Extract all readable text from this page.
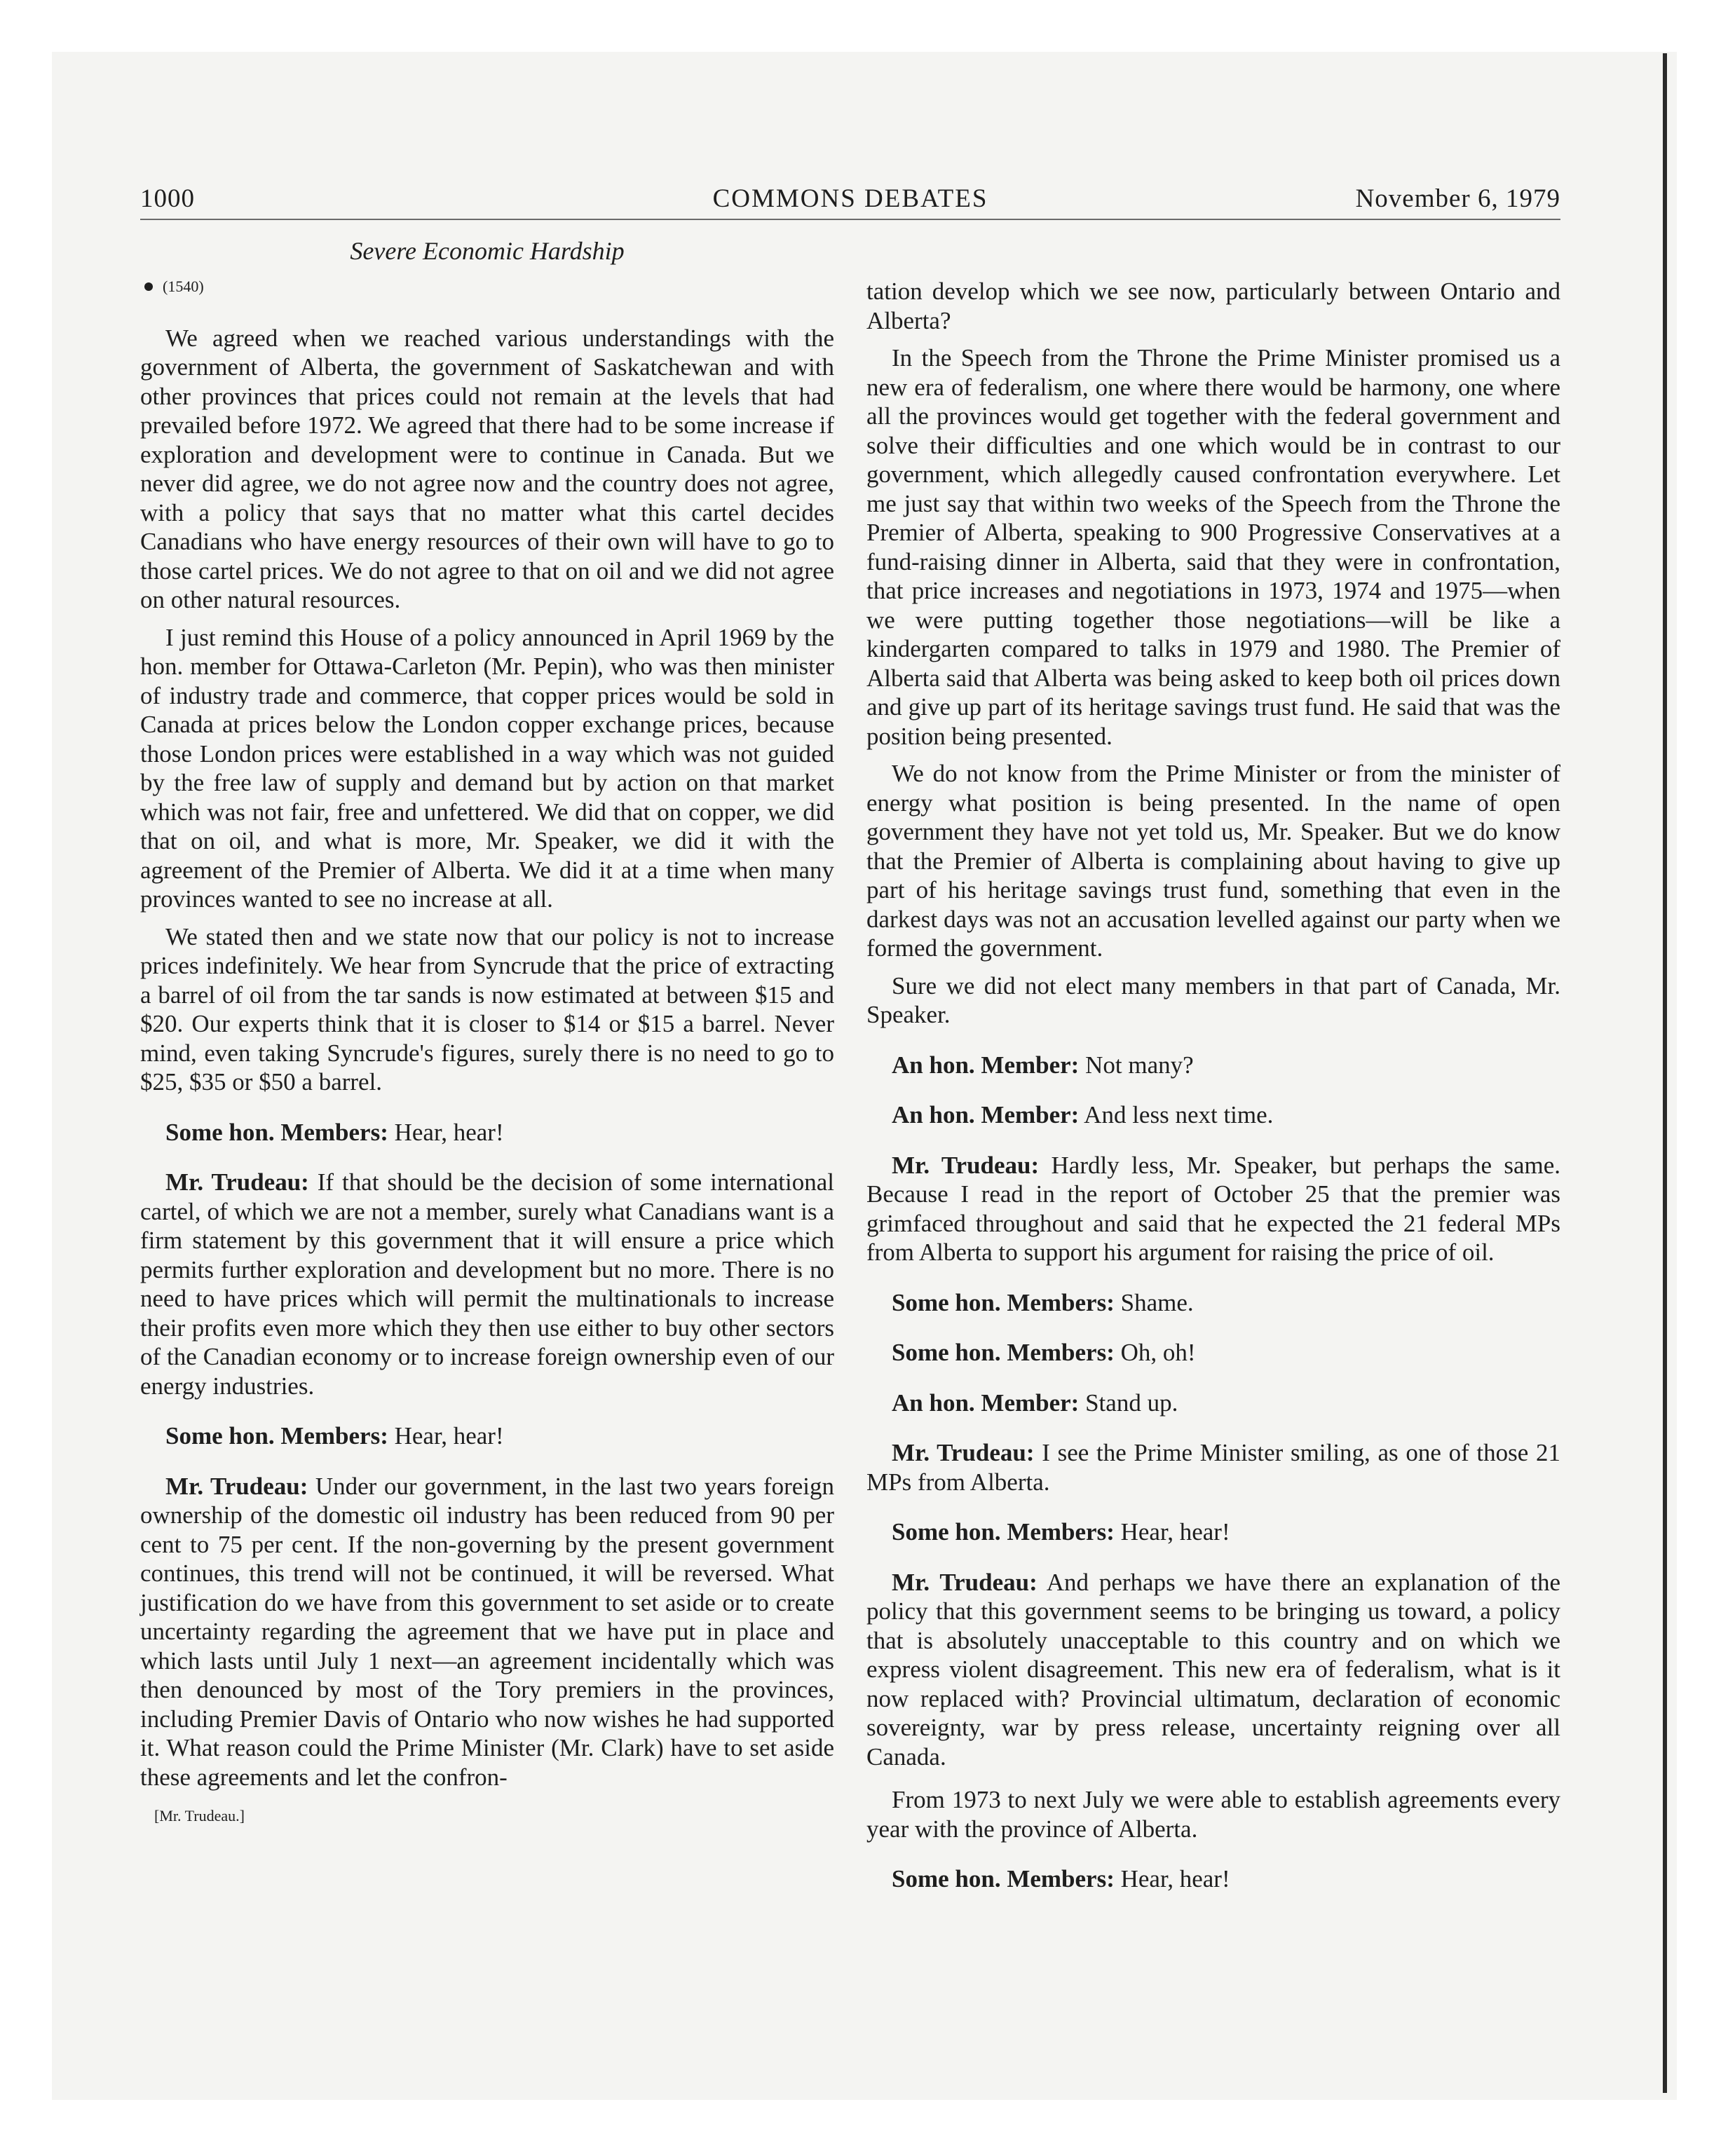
1000	COMMONS DEBATES	November 6, 1979
Severe Economic Hardship
(1540)

We agreed when we reached various understandings with the government of Alberta, the government of Saskatchewan and with other provinces that prices could not remain at the levels that had prevailed before 1972. We agreed that there had to be some increase if exploration and development were to continue in Canada. But we never did agree, we do not agree now and the country does not agree, with a policy that says that no matter what this cartel decides Canadians who have energy resources of their own will have to go to those cartel prices. We do not agree to that on oil and we did not agree on other natural resources.

I just remind this House of a policy announced in April 1969 by the hon. member for Ottawa-Carleton (Mr. Pepin), who was then minister of industry trade and commerce, that copper prices would be sold in Canada at prices below the London copper exchange prices, because those London prices were established in a way which was not guided by the free law of supply and demand but by action on that market which was not fair, free and unfettered. We did that on copper, we did that on oil, and what is more, Mr. Speaker, we did it with the agreement of the Premier of Alberta. We did it at a time when many provinces wanted to see no increase at all.

We stated then and we state now that our policy is not to increase prices indefinitely. We hear from Syncrude that the price of extracting a barrel of oil from the tar sands is now estimated at between $15 and $20. Our experts think that it is closer to $14 or $15 a barrel. Never mind, even taking Syncrude's figures, surely there is no need to go to $25, $35 or $50 a barrel.

Some hon. Members: Hear, hear!

Mr. Trudeau: If that should be the decision of some international cartel, of which we are not a member, surely what Canadians want is a firm statement by this government that it will ensure a price which permits further exploration and development but no more. There is no need to have prices which will permit the multinationals to increase their profits even more which they then use either to buy other sectors of the Canadian economy or to increase foreign ownership even of our energy industries.

Some hon. Members: Hear, hear!

Mr. Trudeau: Under our government, in the last two years foreign ownership of the domestic oil industry has been reduced from 90 per cent to 75 per cent. If the non-governing by the present government continues, this trend will not be continued, it will be reversed. What justification do we have from this government to set aside or to create uncertainty regarding the agreement that we have put in place and which lasts until July 1 next—an agreement incidentally which was then denounced by most of the Tory premiers in the provinces, including Premier Davis of Ontario who now wishes he had supported it. What reason could the Prime Minister (Mr. Clark) have to set aside these agreements and let the confron-

[Mr. Trudeau.]

tation develop which we see now, particularly between Ontario and Alberta?

In the Speech from the Throne the Prime Minister promised us a new era of federalism, one where there would be harmony, one where all the provinces would get together with the federal government and solve their difficulties and one which would be in contrast to our government, which allegedly caused confrontation everywhere. Let me just say that within two weeks of the Speech from the Throne the Premier of Alberta, speaking to 900 Progressive Conservatives at a fund-raising dinner in Alberta, said that they were in confrontation, that price increases and negotiations in 1973, 1974 and 1975—when we were putting together those negotiations—will be like a kindergarten compared to talks in 1979 and 1980. The Premier of Alberta said that Alberta was being asked to keep both oil prices down and give up part of its heritage savings trust fund. He said that was the position being presented.

We do not know from the Prime Minister or from the minister of energy what position is being presented. In the name of open government they have not yet told us, Mr. Speaker. But we do know that the Premier of Alberta is complaining about having to give up part of his heritage savings trust fund, something that even in the darkest days was not an accusation levelled against our party when we formed the government.

Sure we did not elect many members in that part of Canada, Mr. Speaker.

An hon. Member: Not many?

An hon. Member: And less next time.

Mr. Trudeau: Hardly less, Mr. Speaker, but perhaps the same. Because I read in the report of October 25 that the premier was grimfaced throughout and said that he expected the 21 federal MPs from Alberta to support his argument for raising the price of oil.

Some hon. Members: Shame.

Some hon. Members: Oh, oh!

An hon. Member: Stand up.

Mr. Trudeau: I see the Prime Minister smiling, as one of those 21 MPs from Alberta.

Some hon. Members: Hear, hear!

Mr. Trudeau: And perhaps we have there an explanation of the policy that this government seems to be bringing us toward, a policy that is absolutely unacceptable to this country and on which we express violent disagreement. This new era of federalism, what is it now replaced with? Provincial ultimatum, declaration of economic sovereignty, war by press release, uncertainty reigning over all Canada.

From 1973 to next July we were able to establish agreements every year with the province of Alberta.

Some hon. Members: Hear, hear!
